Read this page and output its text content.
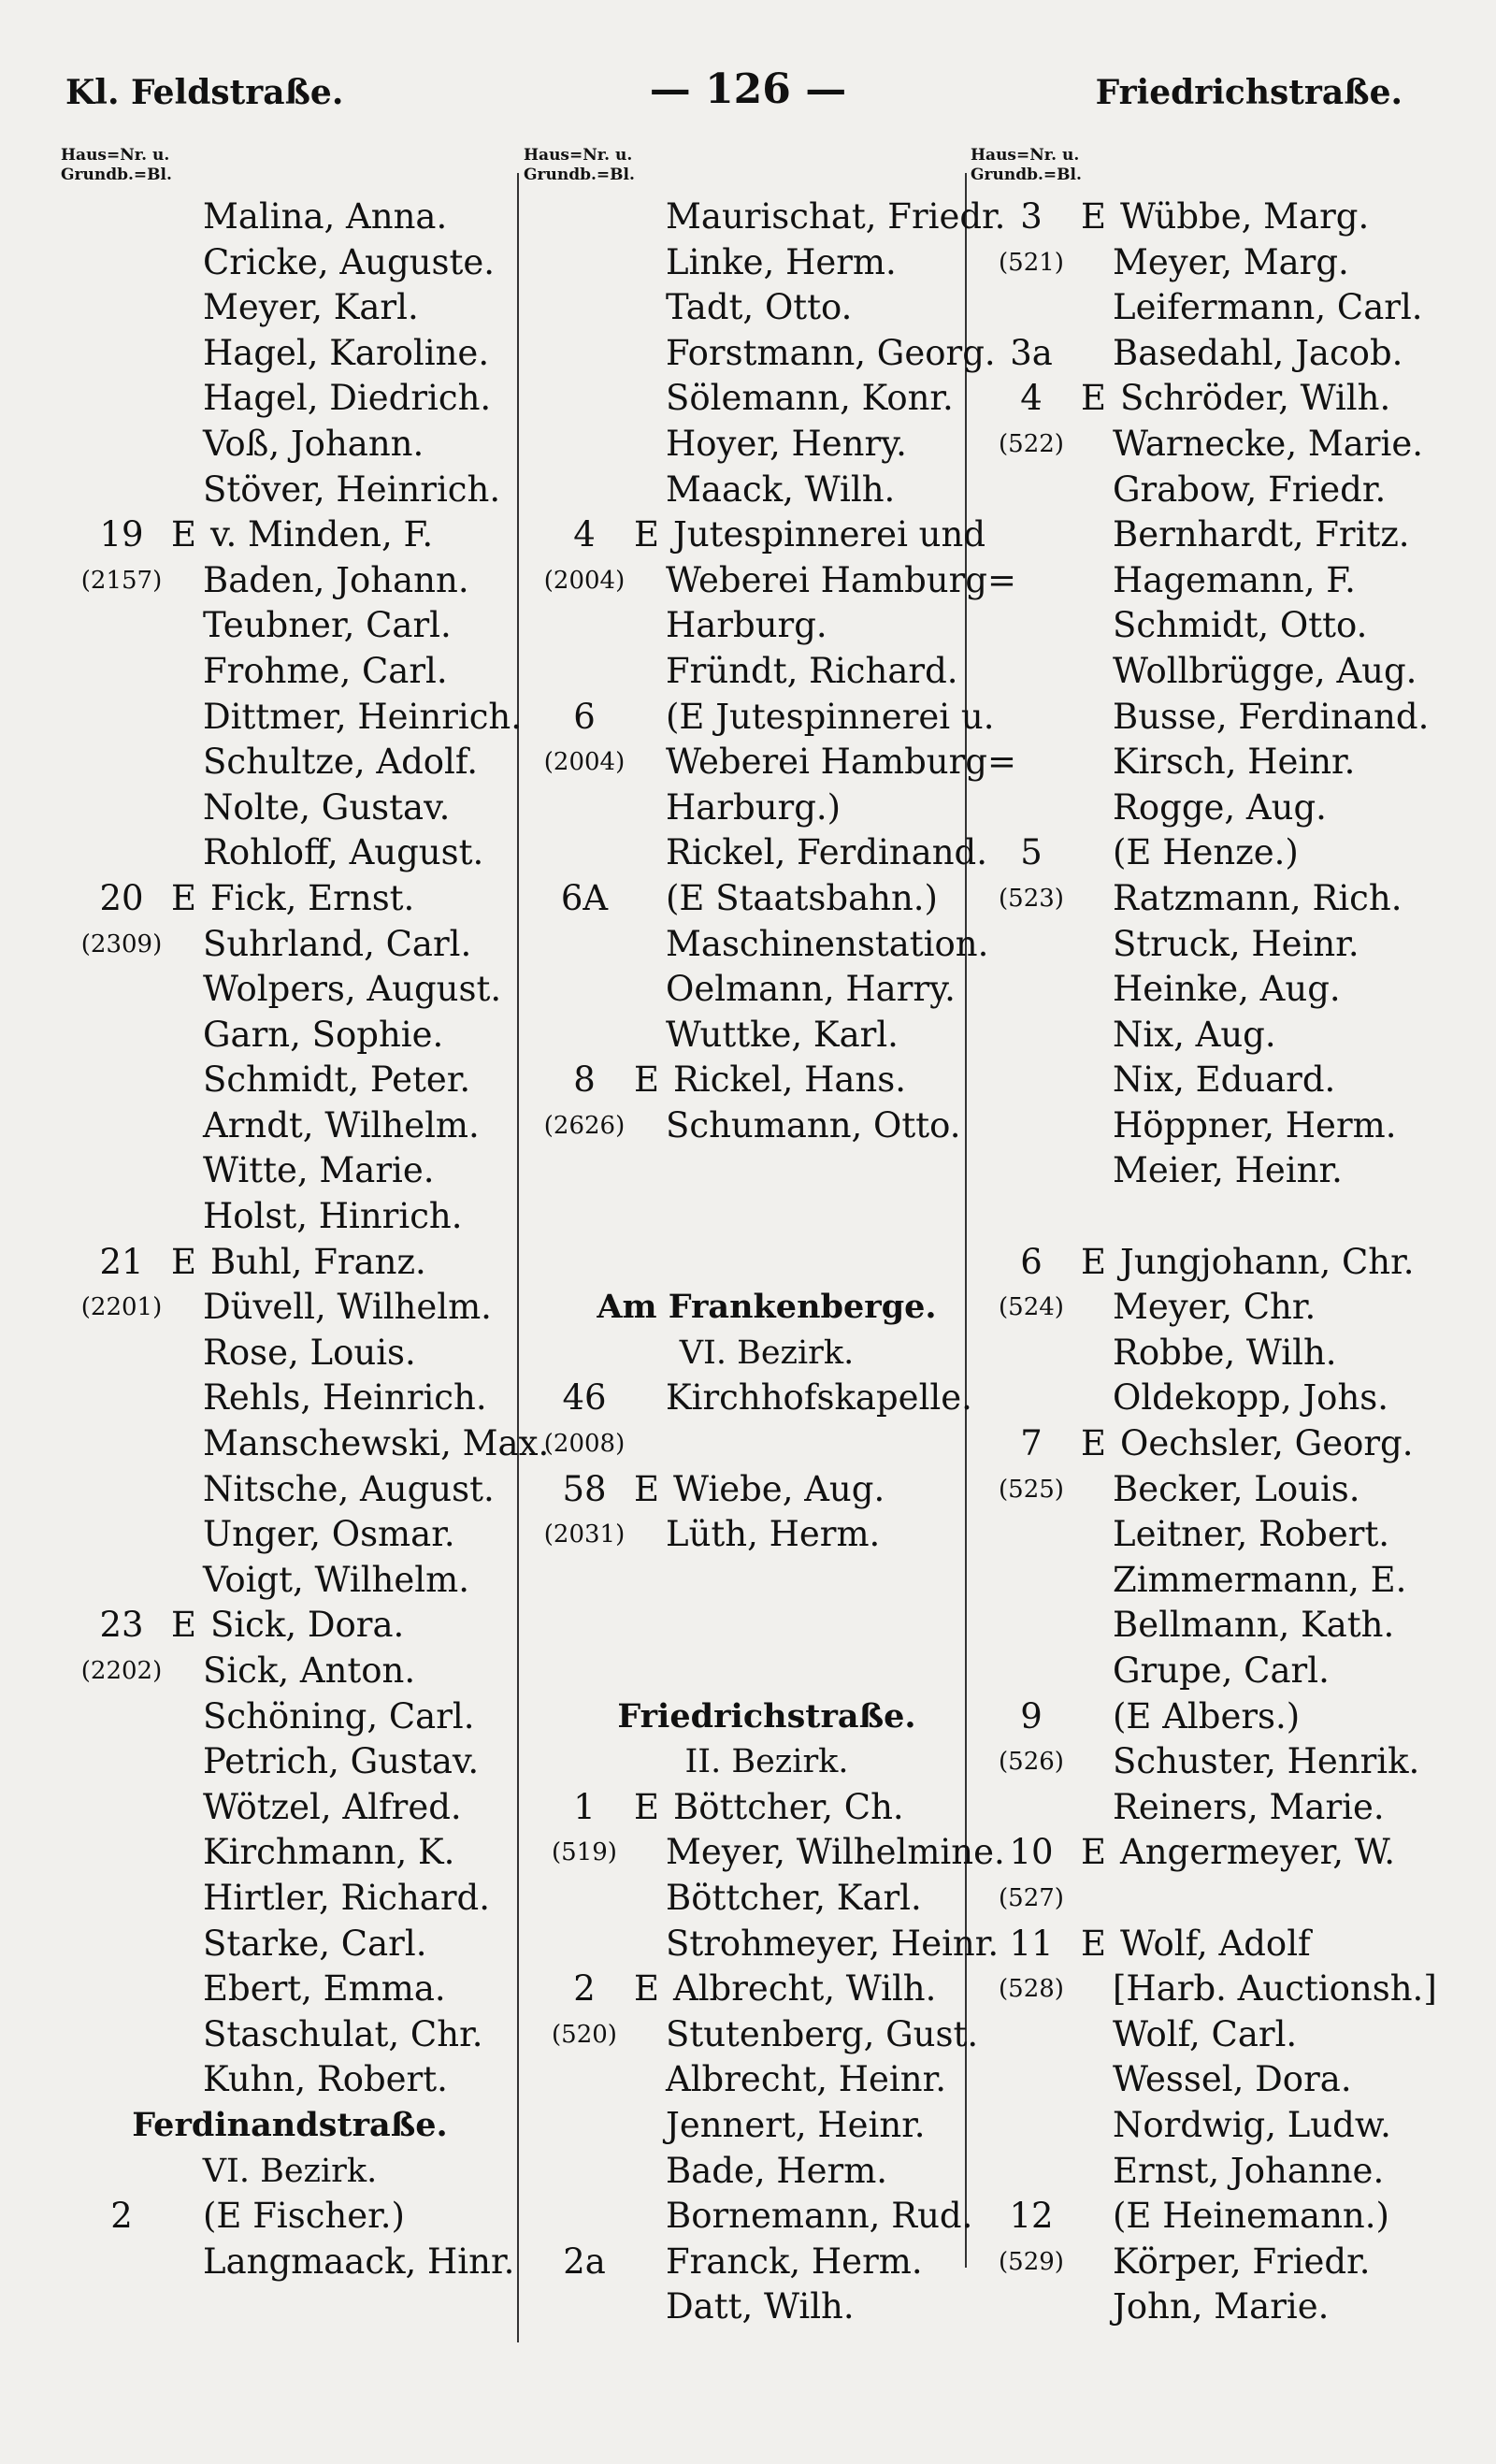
Kl. Feldstraße.	— 126 —	Friedrichstraße.
Haus=Nr. u.
Grundb.=Bl.
Malina, Anna.
Cricke, Auguste.
Meyer, Karl.
Hagel, Karoline.
Hagel, Diedrich.
Voß, Johann.
Stöver, Heinrich.
19 E v. Minden, F.
(2157)	Baden, Johann.
Teubner, Carl.
Frohme, Carl.
Dittmer, Heinrich.
Schultze, Adolf.
Nolte, Gustav.
Rohloff, August.
20 E Fick, Ernst.
(2309)	Suhrland, Carl.
Wolpers, August.
Garn, Sophie.
Schmidt, Peter.
Arndt, Wilhelm.
Witte, Marie.
Holst, Hinrich.
21 E Buhl, Franz.
(2201)	Düvell, Wilhelm.
Rose, Louis.
Rehls, Heinrich.
Manschewski, Max.
Nitsche, August.
Unger, Osmar.
Voigt, Wilhelm.
23 E Sick, Dora.
(2202)	Sick, Anton.
Schöning, Carl.
Petrich, Gustav.
Wötzel, Alfred.
Kirchmann, K.
Hirtler, Richard.
Starke, Carl.
Ebert, Emma.
Staschulat, Chr.
Kuhn, Robert.
Ferdinandstraße.
VI. Bezirk.
2	(E Fischer.)
Langmaack, Hinr.
Haus=Nr. u.
Grundb.=Bl.
Maurischat, Friedr.
Linke, Herm.
Tadt, Otto.
Forstmann, Georg.
Sölemann, Konr.
Hoyer, Henry.
Maack, Wilh.
4	E Jutespinnerei und
(2004)	Weberei Hamburg=
Harburg.
Fründt, Richard.
6	(E Jutespinnerei u.
(2004)	Weberei Hamburg=
Harburg.)
Rickel, Ferdinand.
6A	(E Staatsbahn.)
Maschinenstation.
Oelmann, Harry.
Wuttke, Karl.
8	E Rickel, Hans.
(2626)	Schumann, Otto.
Am Frankenberge.
VI. Bezirk.
46	Kirchhofskapelle.
(2008)
58 E Wiebe, Aug.
(2031)	Lüth, Herm.
Friedrichstraße.
II. Bezirk.
1	E Böttcher, Ch.
(519)	Meyer, Wilhelmine.
Böttcher, Karl.
Strohmeyer, Heinr.
2	E Albrecht, Wilh.
(520)	Stutenberg, Gust.
Albrecht, Heinr.
Jennert, Heinr.
Bade, Herm.
Bornemann, Rud.
2a	Franck, Herm.
Datt, Wilh.
Haus=Nr. u.
Grundb.=Bl.
3	E Wübbe, Marg.
(521)	Meyer, Marg.
Leifermann, Carl.
3a	Basedahl, Jacob.
4	E Schröder, Wilh.
(522)	Warnecke, Marie.
Grabow, Friedr.
Bernhardt, Fritz.
Hagemann, F.
Schmidt, Otto.
Wollbrügge, Aug.
Busse, Ferdinand.
Kirsch, Heinr.
Rogge, Aug.
5	(E Henze.)
(523)	Ratzmann, Rich.
Struck, Heinr.
Heinke, Aug.
Nix, Aug.
Nix, Eduard.
Höppner, Herm.
Meier, Heinr.
6	E Jungjohann, Chr.
(524)	Meyer, Chr.
Robbe, Wilh.
Oldekopp, Johs.
7	E Oechsler, Georg.
(525)	Becker, Louis.
Leitner, Robert.
Zimmermann, E.
Bellmann, Kath.
Grupe, Carl.
9	(E Albers.)
(526)	Schuster, Henrik.
Reiners, Marie.
10 E Angermeyer, W.
(527)
11 E Wolf, Adolf
(528)	[Harb. Auctionsh.]
Wolf, Carl.
Wessel, Dora.
Nordwig, Ludw.
Ernst, Johanne.
12	(E Heinemann.)
(529)	Körper, Friedr.
John, Marie.
